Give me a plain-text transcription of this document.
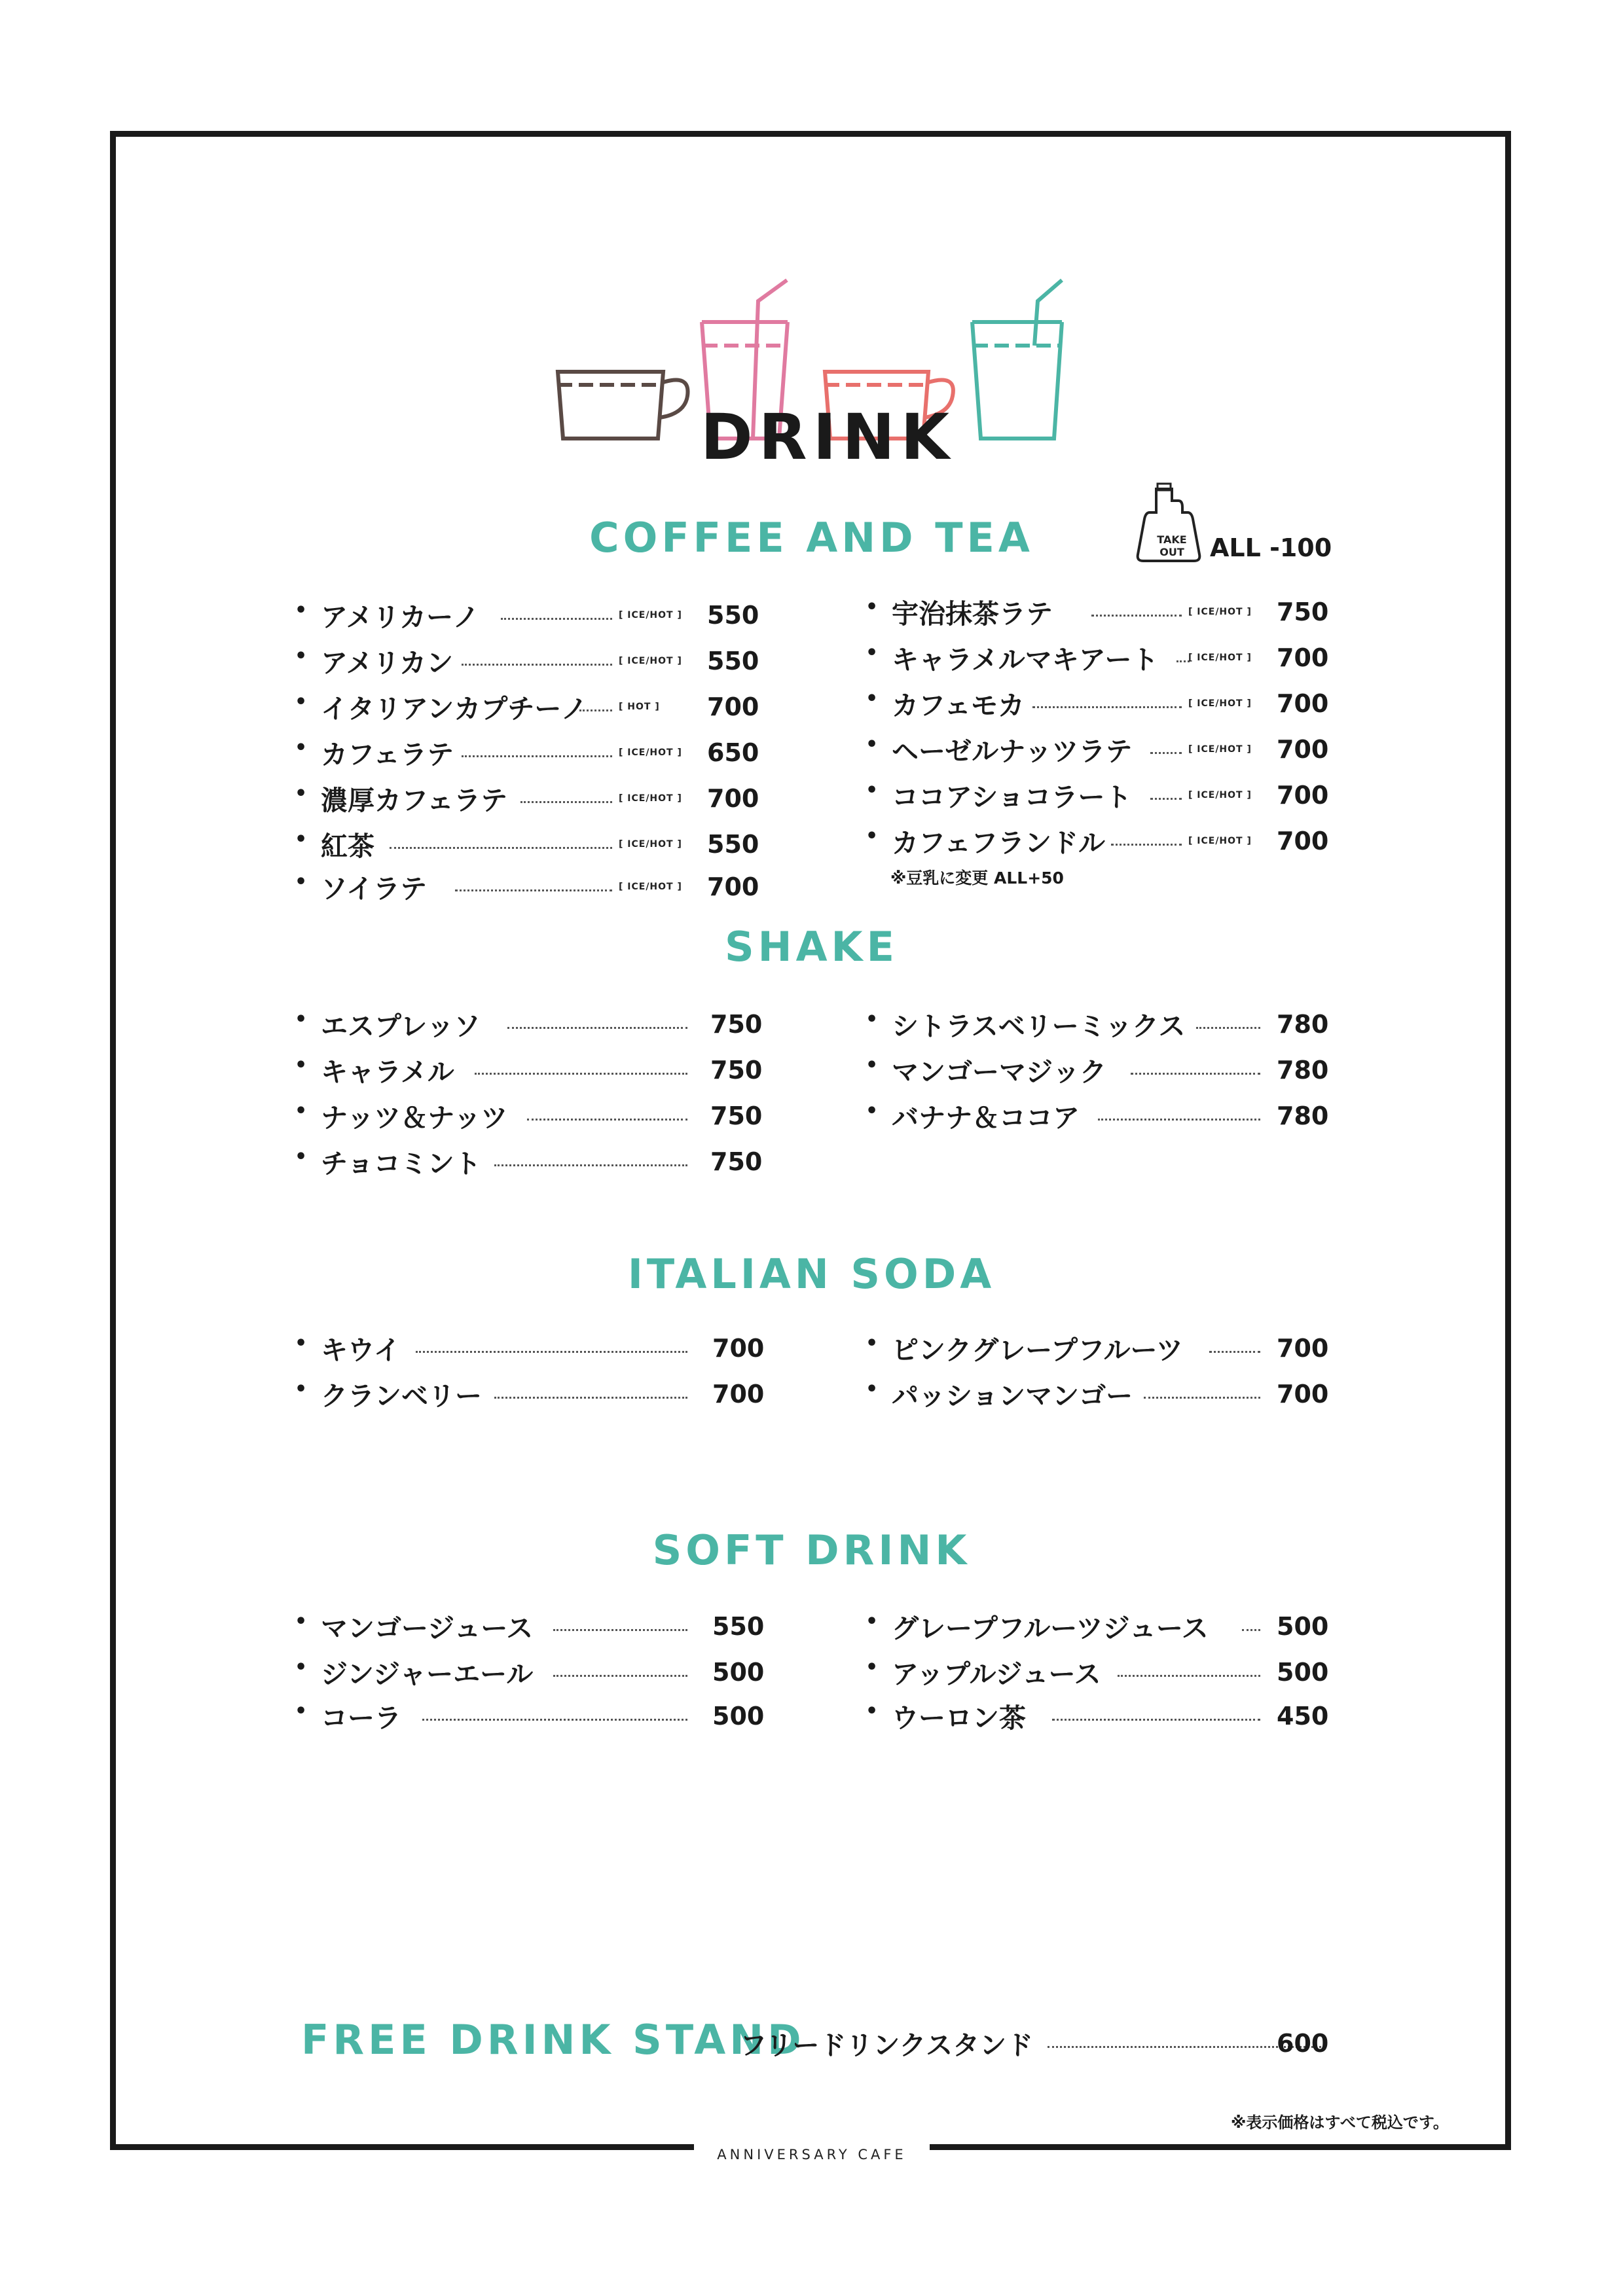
ANNIVERSARY CAFE
DRINK
COFFEE AND TEA
SHAKE
ITALIAN SODA
SOFT DRINK
TAKE
OUT	ALL -100
• アメリカーノ	[ ICE/HOT ] 550
• アメリカン	[ ICE/HOT ] 550
• イタリアンカプチーノ	[ HOT ] 700
• カフェラテ	[ ICE/HOT ] 650
• 濃厚カフェラテ	[ ICE/HOT ] 700
• 紅茶	[ ICE/HOT ] 550
• ソイラテ	[ ICE/HOT ] 700
• 宇治抹茶ラテ	[ ICE/HOT ] 750
• キャラメルマキアート	[ ICE/HOT ] 700
• カフェモカ	[ ICE/HOT ] 700
• ヘーゼルナッツラテ	[ ICE/HOT ] 700
• ココアショコラート	[ ICE/HOT ] 700
• カフェフランドル	[ ICE/HOT ] 700
• エスプレッソ	750
• キャラメル	750
• ナッツ＆ナッツ	750
• チョコミント	750
• シトラスベリーミックス	780
• マンゴーマジック	780
• バナナ＆ココア	780
• キウイ	700
• クランベリー	700
• ピンクグレープフルーツ	700
• パッションマンゴー	700
• マンゴージュース	550
• ジンジャーエール	500
• コーラ	500
• グレープフルーツジュース	500
• アップルジュース	500
• ウーロン茶	450
※豆乳に変更 ALL+50
FREE DRINK STAND
フリードリンクスタンド	600
※表示価格はすべて税込です。
